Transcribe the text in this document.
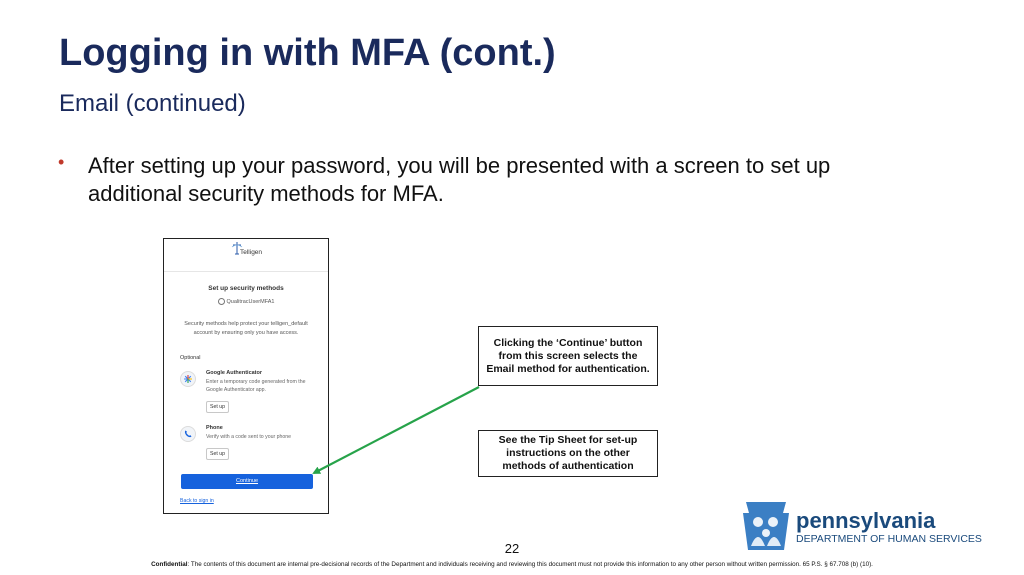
Logging in with MFA (cont.)
Email (continued)
• After setting up your password, you will be presented with a screen to set up additional security methods for MFA.
Telligen
Set up security methods
QualitracUserMFA1
Security methods help protect your telligen_default account by ensuring only you have access.
Optional
Google Authenticator
Enter a temporary code generated from the Google Authenticator app.
Set up
Phone
Verify with a code sent to your phone
Set up
Continue
Back to sign in
Clicking the ‘Continue’ button from this screen selects the Email method for authentication.
See the Tip Sheet for set-up instructions on the other methods of authentication
22
Confidential: The contents of this document are internal pre-decisional records of the Department and individuals receiving and reviewing this document must not provide this information to any other person without written permission. 65 P.S. § 67.708 (b) (10).
pennsylvania
DEPARTMENT OF HUMAN SERVICES
